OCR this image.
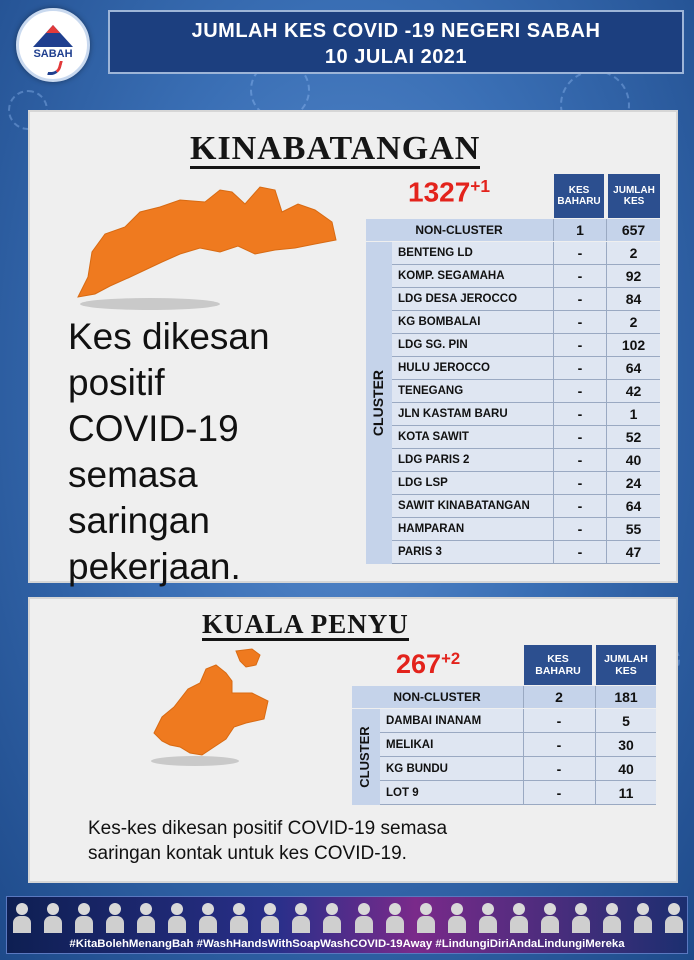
SABAH
JUMLAH KES COVID -19 NEGERI SABAH
10 JULAI 2021
KINABATANGAN
Kes dikesan
positif
COVID-19
semasa
saringan
pekerjaan.
$1327^{+1}$	KES
BAHARU
JUMLAH
KES
NON-CLUSTER	1	657
CLUSTER
BENTENG LD	-	2
KOMP. SEGAMAHA	-	92
LDG DESA JEROCCO	-	84
KG BOMBALAI	-	2
LDG SG. PIN	-	102
HULU JEROCCO	-	64
TENEGANG	-	42
JLN KASTAM BARU	-	1
KOTA SAWIT	-	52
LDG PARIS 2	-	40
LDG LSP	-	24
SAWIT KINABATANGAN	-	64
HAMPARAN	-	55
PARIS 3	-	47
KUALA PENYU
$267^{+2}$	KES
BAHARU
JUMLAH
KES
NON-CLUSTER	2	181
CLUSTER
DAMBAI INANAM	-	5
MELIKAI	-	30
KG BUNDU	-	40
LOT 9	-	11
Kes-kes dikesan positif COVID-19 semasa
saringan kontak untuk kes COVID-19.
#KitaBolehMenangBah #WashHandsWithSoapWashCOVID-19Away #LindungiDiriAndaLindungiMereka
